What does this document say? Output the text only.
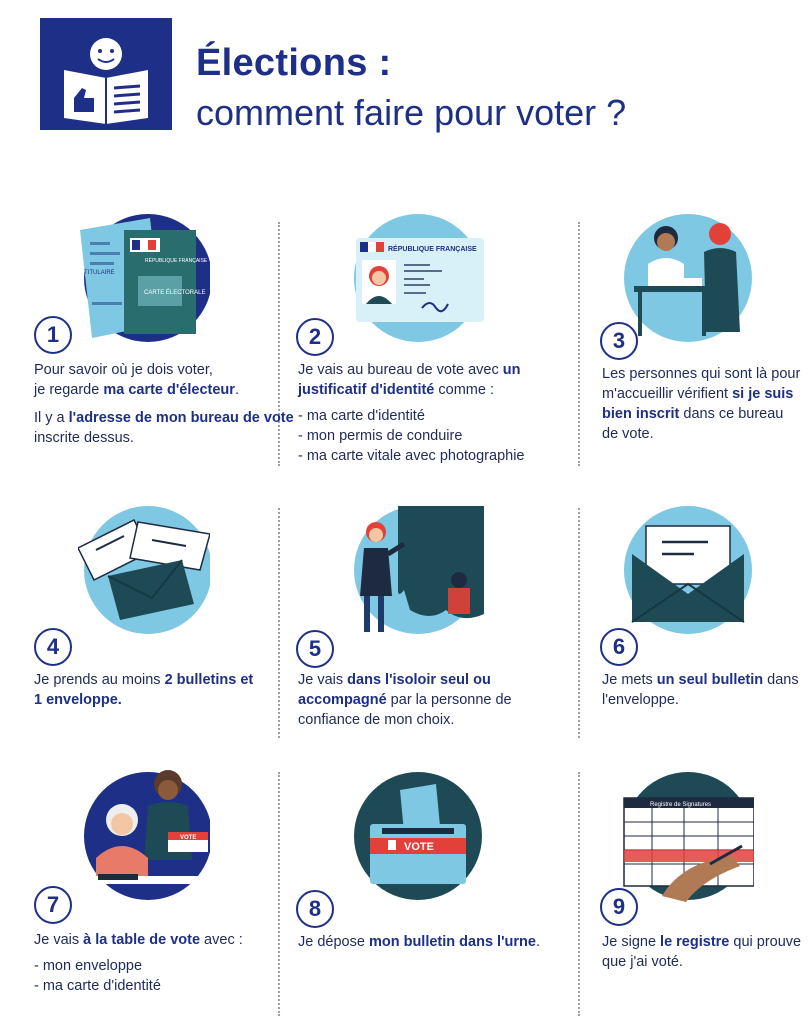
Élections :
comment faire pour voter ?
RÉPUBLIQUE FRANÇAISE
CARTE ÉLECTORALE
TITULAIRE
1

Pour savoir où je dois voter,
je regarde ma carte d'électeur.

Il y a l'adresse de mon bureau de vote inscrite dessus.

RÉPUBLIQUE FRANÇAISE
2

Je vais au bureau de vote avec un justificatif d'identité comme :

- ma carte d'identité
- mon permis de conduire
- ma carte vitale avec photographie
3

Les personnes qui sont là pour m'accueillir vérifient si je suis bien inscrit dans ce bureau de vote.

4

Je prends au moins 2 bulletins et 1 enveloppe.

5

Je vais dans l'isoloir seul ou accompagné par la personne de confiance de mon choix.

6

Je mets un seul bulletin dans l'enveloppe.

VOTE
7

Je vais à la table de vote avec :

- mon enveloppe
- ma carte d'identité
VOTE
8

Je dépose mon bulletin dans l'urne.

Registre de Signatures
9

Je signe le registre qui prouve que j'ai voté.
